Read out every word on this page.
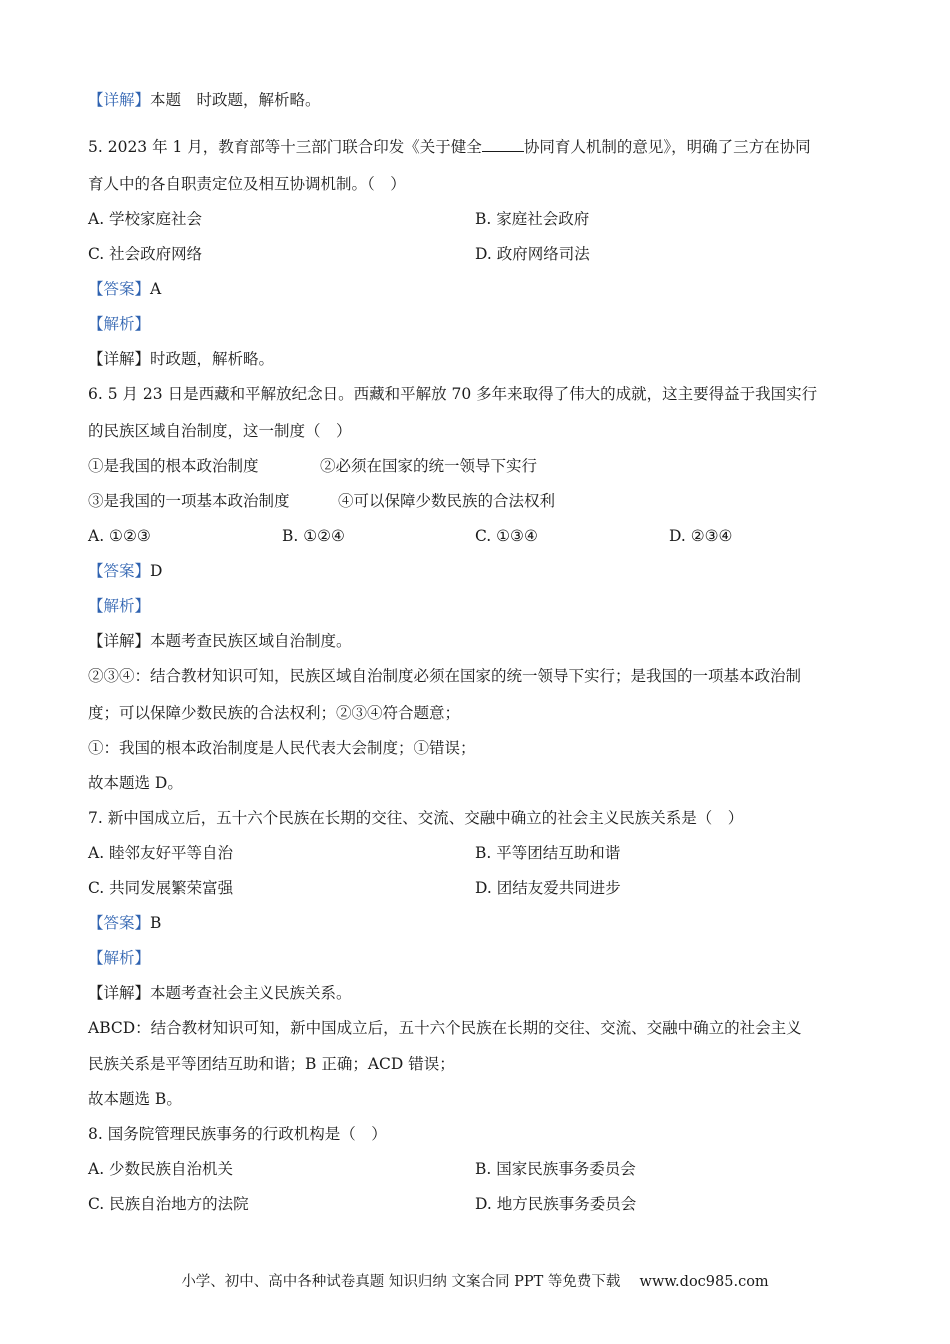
【详解】本题　时政题，解析略。
5. 2023 年 1 月，教育部等十三部门联合印发《关于健全	协同育人机制的意见》，明确了三方在协同
育人中的各自职责定位及相互协调机制。（　）
A. 学校家庭社会	B. 家庭社会政府
C. 社会政府网络	D. 政府网络司法
【答案】A
【解析】
【详解】时政题，解析略。
6. 5 月 23 日是西藏和平解放纪念日。西藏和平解放 70 多年来取得了伟大的成就，这主要得益于我国实行
的民族区域自治制度，这一制度（　）
①是我国的根本政治制度	②必须在国家的统一领导下实行
③是我国的一项基本政治制度	④可以保障少数民族的合法权利
A. ①②③	B. ①②④	C. ①③④	D. ②③④
【答案】D
【解析】
【详解】本题考查民族区域自治制度。
②③④：结合教材知识可知，民族区域自治制度必须在国家的统一领导下实行；是我国的一项基本政治制
度；可以保障少数民族的合法权利；②③④符合题意；
①：我国的根本政治制度是人民代表大会制度；①错误；
故本题选 D。
7. 新中国成立后，五十六个民族在长期的交往、交流、交融中确立的社会主义民族关系是（　）
A. 睦邻友好平等自治	B. 平等团结互助和谐
C. 共同发展繁荣富强	D. 团结友爱共同进步
【答案】B
【解析】
【详解】本题考查社会主义民族关系。
ABCD：结合教材知识可知，新中国成立后，五十六个民族在长期的交往、交流、交融中确立的社会主义
民族关系是平等团结互助和谐；B 正确；ACD 错误；
故本题选 B。
8. 国务院管理民族事务的行政机构是（　）
A. 少数民族自治机关	B. 国家民族事务委员会
C. 民族自治地方的法院	D. 地方民族事务委员会
小学、初中、高中各种试卷真题 知识归纳 文案合同 PPT 等免费下载　 www.doc985.com
